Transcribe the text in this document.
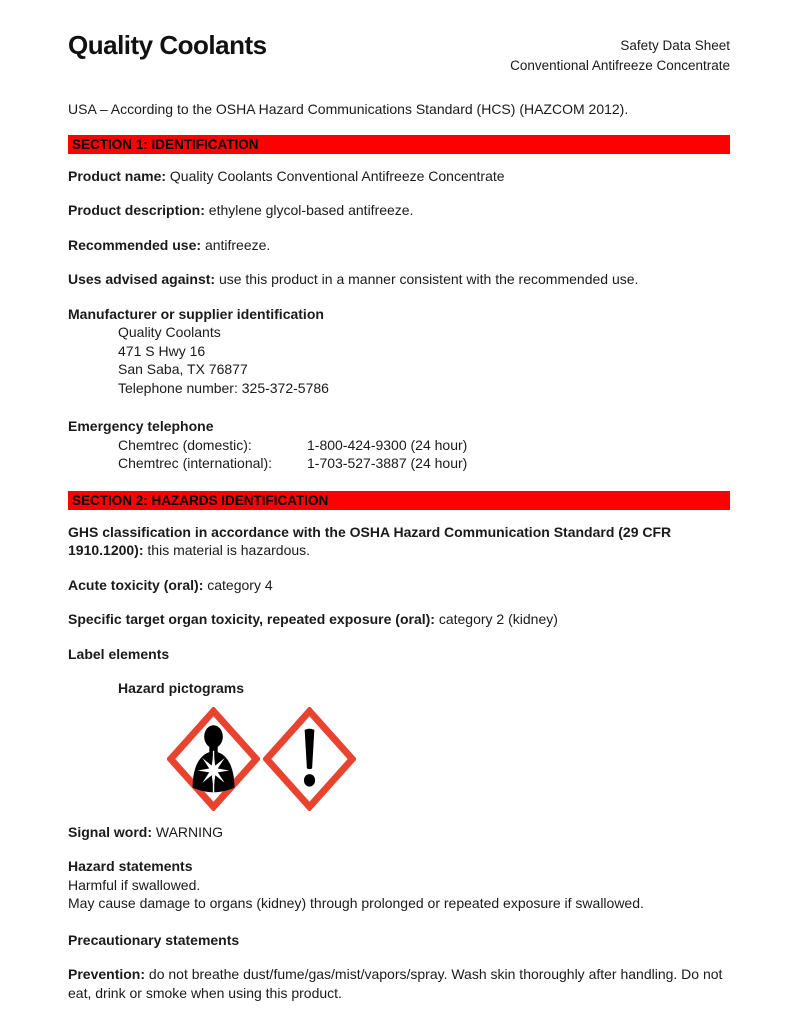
Quality Coolants	Safety Data Sheet
Conventional Antifreeze Concentrate

USA – According to the OSHA Hazard Communications Standard (HCS) (HAZCOM 2012).

SECTION 1: IDENTIFICATION

Product name: Quality Coolants Conventional Antifreeze Concentrate

Product description: ethylene glycol-based antifreeze.

Recommended use: antifreeze.

Uses advised against: use this product in a manner consistent with the recommended use.

Manufacturer or supplier identification
Quality Coolants
471 S Hwy 16
San Saba, TX 76877
Telephone number: 325-372-5786
Emergency telephone
Chemtrec (domestic):	1-800-424-9300 (24 hour)
Chemtrec (international):	1-703-527-3887 (24 hour)
SECTION 2: HAZARDS IDENTIFICATION

GHS classification in accordance with the OSHA Hazard Communication Standard (29 CFR 1910.1200): this material is hazardous.

Acute toxicity (oral): category 4

Specific target organ toxicity, repeated exposure (oral): category 2 (kidney)

Label elements

Hazard pictograms

Signal word: WARNING

Hazard statements
Harmful if swallowed.
May cause damage to organs (kidney) through prolonged or repeated exposure if swallowed.

Precautionary statements

Prevention: do not breathe dust/fume/gas/mist/vapors/spray. Wash skin thoroughly after handling. Do not eat, drink or smoke when using this product.
